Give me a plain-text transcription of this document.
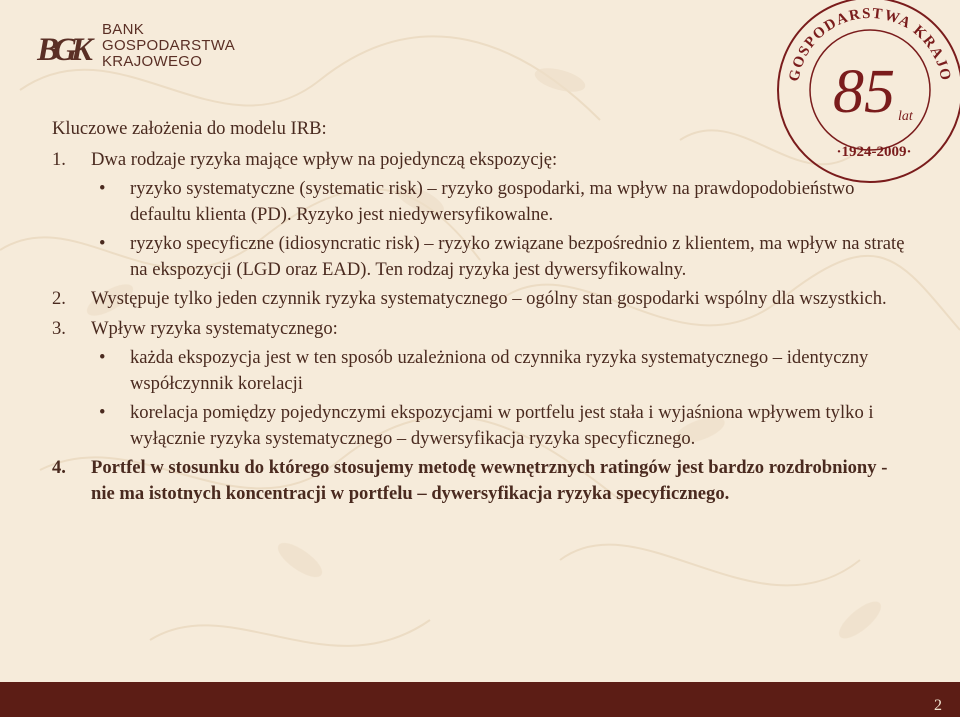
BGK
BANK
GOSPODARSTWA
KRAJOWEGO
GOSPODARSTWA KRAJO
85 lat
·1924-2009·
Kluczowe założenia do modelu IRB:
1. Dwa rodzaje ryzyka mające wpływ na pojedynczą ekspozycję:
• ryzyko systematyczne (systematic risk) – ryzyko gospodarki, ma wpływ na prawdopodobieństwo defaultu klienta (PD). Ryzyko jest niedywersyfikowalne.
• ryzyko specyficzne (idiosyncratic risk) – ryzyko związane bezpośrednio z klientem, ma wpływ na stratę na ekspozycji (LGD oraz EAD). Ten rodzaj ryzyka jest dywersyfikowalny.
2. Występuje tylko jeden czynnik ryzyka systematycznego – ogólny stan gospodarki wspólny dla wszystkich.
3. Wpływ ryzyka systematycznego:
• każda ekspozycja jest w ten sposób uzależniona od czynnika ryzyka systematycznego – identyczny współczynnik korelacji
• korelacja pomiędzy pojedynczymi ekspozycjami w portfelu jest stała i wyjaśniona wpływem tylko i wyłącznie ryzyka systematycznego – dywersyfikacja ryzyka specyficznego.
4. Portfel w stosunku do którego stosujemy metodę wewnętrznych ratingów jest bardzo rozdrobniony - nie ma istotnych koncentracji w portfelu – dywersyfikacja ryzyka specyficznego.
2
